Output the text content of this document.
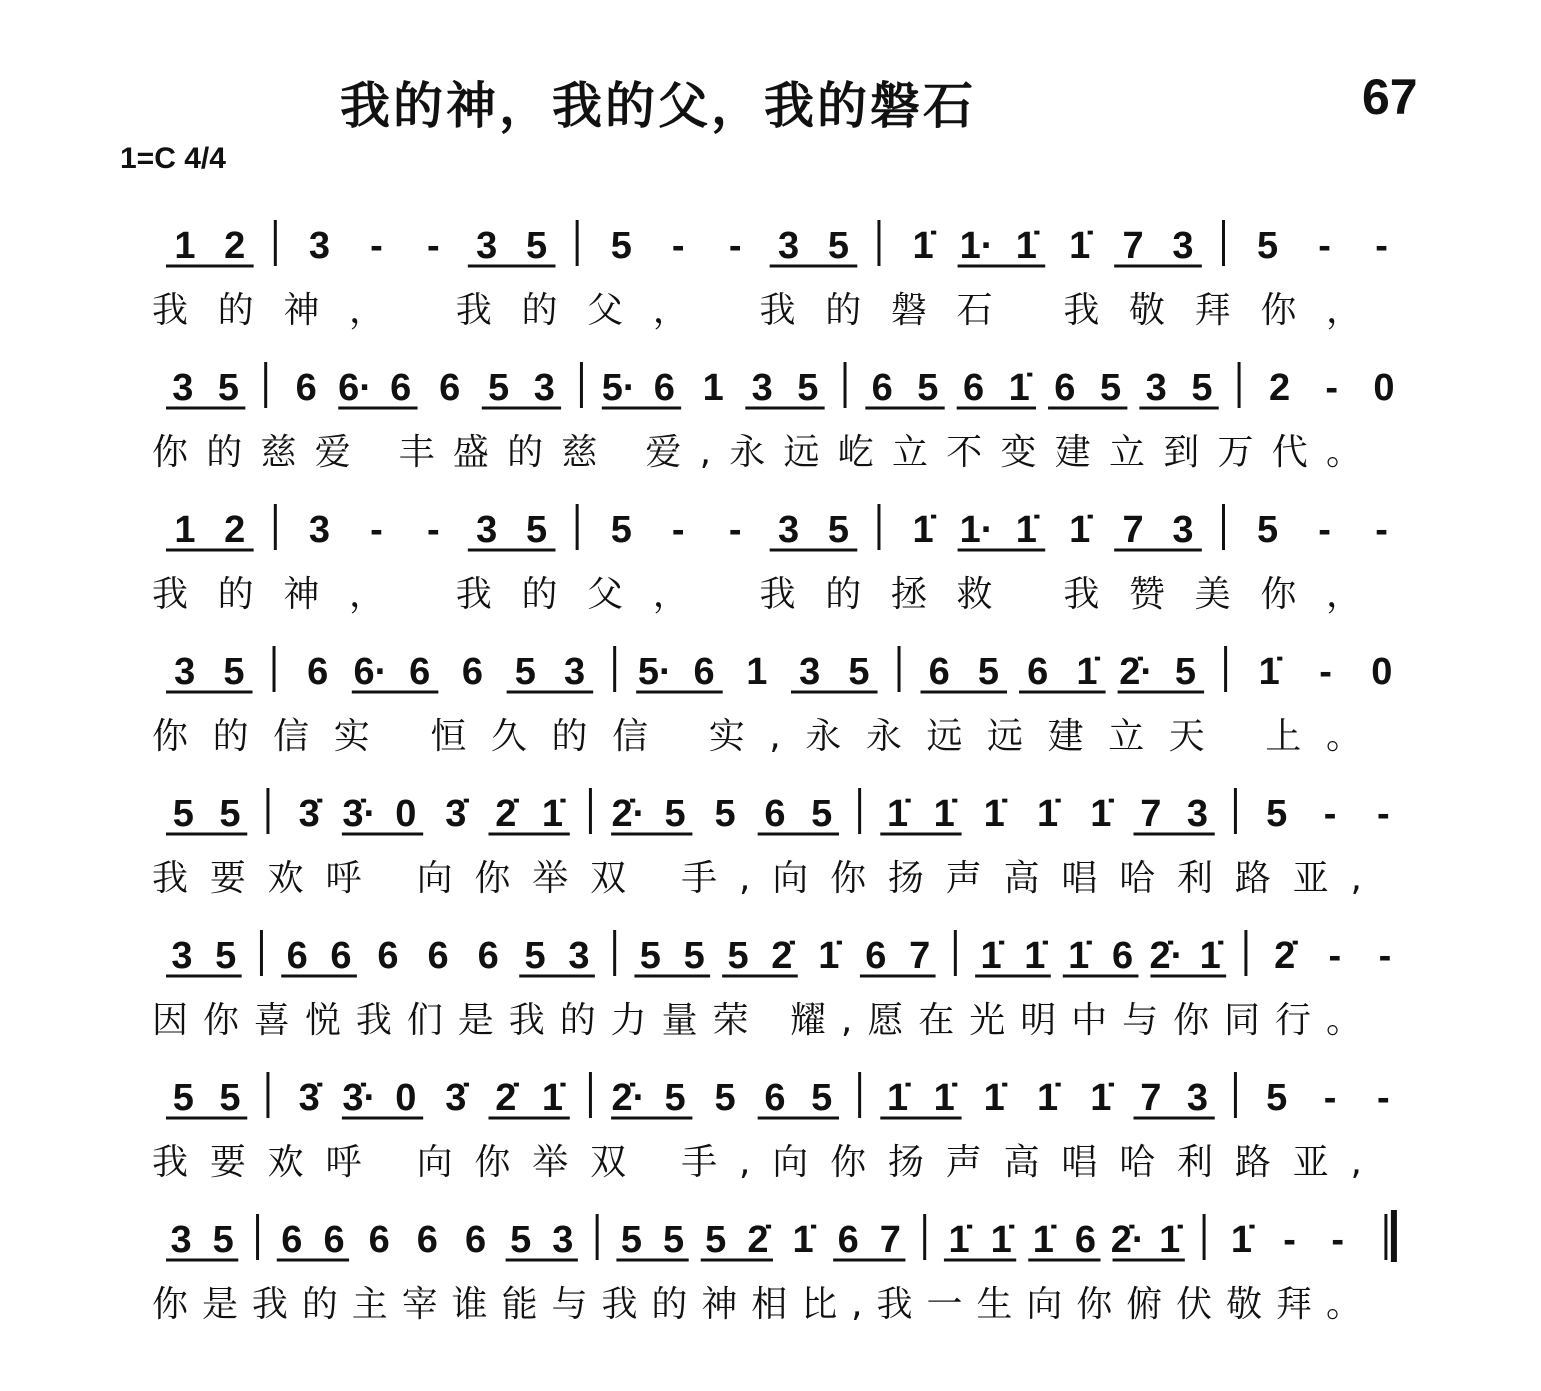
我的神，我的父，我的磐石	67
1=C 4/4
1 2 3 - - 3 5 5 - - 3 5 1̇ 1· 1̇ 1̇ 7 3 5 - -
我的神， 我的父， 我的磐石 我敬拜你，
3 5 6 6· 6 6 5 3 5· 6 1 3 5 6 5 6 1̇ 6 5 3 5 2 - 0
你的慈爱 丰盛的慈 爱,永远屹立不变建立到万代。
1 2 3 - - 3 5 5 - - 3 5 1̇ 1· 1̇ 1̇ 7 3 5 - -
我的神， 我的父， 我的拯救 我赞美你，
3 5 6 6· 6 6 5 3 5· 6 1 3 5 6 5 6 1̇ 2̇· 5 1̇ - 0
你的信实 恒久的信 实,永永远远建立天 上。
5 5 3̇ 3̇· 0 3̇ 2̇ 1̇ 2̇· 5 5 6 5 1̇ 1̇ 1̇ 1̇ 1̇ 7 3 5 - -
我要欢呼 向你举双 手,向你扬声高唱哈利路亚,
3 5 6 6 6 6 6 5 3 5 5 5 2̇ 1̇ 6 7 1̇ 1̇ 1̇ 6 2̇· 1̇ 2̇ - -
因你喜悦我们是我的力量荣 耀,愿在光明中与你同行。
5 5 3̇ 3̇· 0 3̇ 2̇ 1̇ 2̇· 5 5 6 5 1̇ 1̇ 1̇ 1̇ 1̇ 7 3 5 - -
我要欢呼 向你举双 手,向你扬声高唱哈利路亚,
3 5 6 6 6 6 6 5 3 5 5 5 2̇ 1̇ 6 7 1̇ 1̇ 1̇ 6 2̇· 1̇ 1̇ - -
你是我的主宰谁能与我的神相比,我一生向你俯伏敬拜。
